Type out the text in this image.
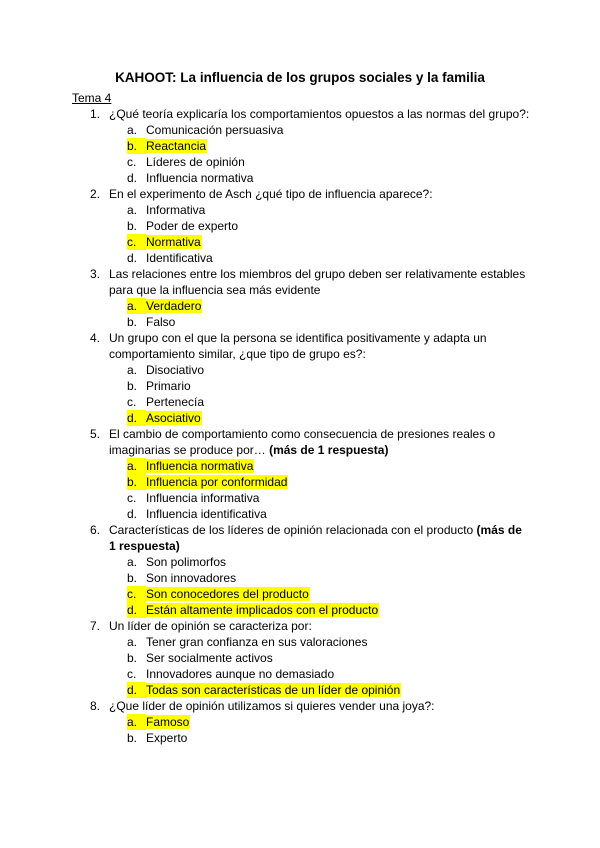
KAHOOT: La influencia de los grupos sociales y la familia
Tema 4
1. ¿Qué teoría explicaría los comportamientos opuestos a las normas del grupo?:
a. Comunicación persuasiva
b. Reactancia
c. Líderes de opinión
d. Influencia normativa
2. En el experimento de Asch ¿qué tipo de influencia aparece?:
a. Informativa
b. Poder de experto
c. Normativa
d. Identificativa
3. Las relaciones entre los miembros del grupo deben ser relativamente estables para que la influencia sea más evidente
a. Verdadero
b. Falso
4. Un grupo con el que la persona se identifica positivamente y adapta un comportamiento similar, ¿que tipo de grupo es?:
a. Disociativo
b. Primario
c. Pertenecía
d. Asociativo
5. El cambio de comportamiento como consecuencia de presiones reales o imaginarias se produce por… (más de 1 respuesta)
a. Influencia normativa
b. Influencia por conformidad
c. Influencia informativa
d. Influencia identificativa
6. Características de los líderes de opinión relacionada con el producto (más de 1 respuesta)
a. Son polimorfos
b. Son innovadores
c. Son conocedores del producto
d. Están altamente implicados con el producto
7. Un líder de opinión se caracteriza por:
a. Tener gran confianza en sus valoraciones
b. Ser socialmente activos
c. Innovadores aunque no demasiado
d. Todas son características de un líder de opinión
8. ¿Que líder de opinión utilizamos si quieres vender una joya?:
a. Famoso
b. Experto
